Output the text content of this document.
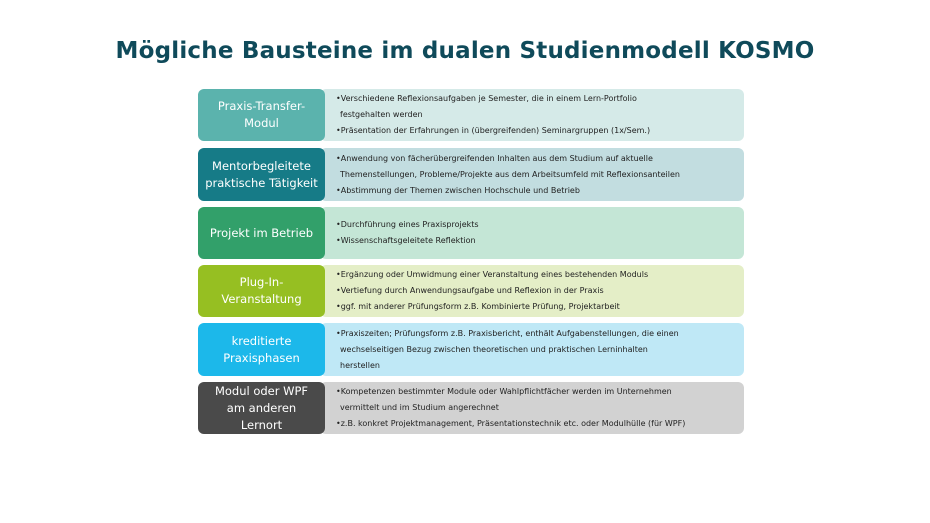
Mögliche Bausteine im dualen Studienmodell KOSMO
Praxis-Transfer-
Modul
•Verschiedene Reflexionsaufgaben je Semester, die in einem Lern-Portfolio
festgehalten werden
•Präsentation der Erfahrungen in (übergreifenden) Seminargruppen (1x/Sem.)
Mentorbegleitete
praktische Tätigkeit
•Anwendung von fächerübergreifenden Inhalten aus dem Studium auf aktuelle
Themenstellungen, Probleme/Projekte aus dem Arbeitsumfeld mit Reflexionsanteilen
•Abstimmung der Themen zwischen Hochschule und Betrieb
Projekt im Betrieb
•Durchführung eines Praxisprojekts
•Wissenschaftsgeleitete Reflektion
Plug-In-
Veranstaltung
•Ergänzung oder Umwidmung einer Veranstaltung eines bestehenden Moduls
•Vertiefung durch Anwendungsaufgabe und Reflexion in der Praxis
•ggf. mit anderer Prüfungsform z.B. Kombinierte Prüfung, Projektarbeit
kreditierte
Praxisphasen
•Praxiszeiten; Prüfungsform z.B. Praxisbericht, enthält Aufgabenstellungen, die einen
wechselseitigen Bezug zwischen theoretischen und praktischen Lerninhalten
herstellen
Modul oder WPF
am anderen
Lernort
•Kompetenzen bestimmter Module oder Wahlpflichtfächer werden im Unternehmen
vermittelt und im Studium angerechnet
•z.B. konkret Projektmanagement, Präsentationstechnik etc. oder Modulhülle (für WPF)
